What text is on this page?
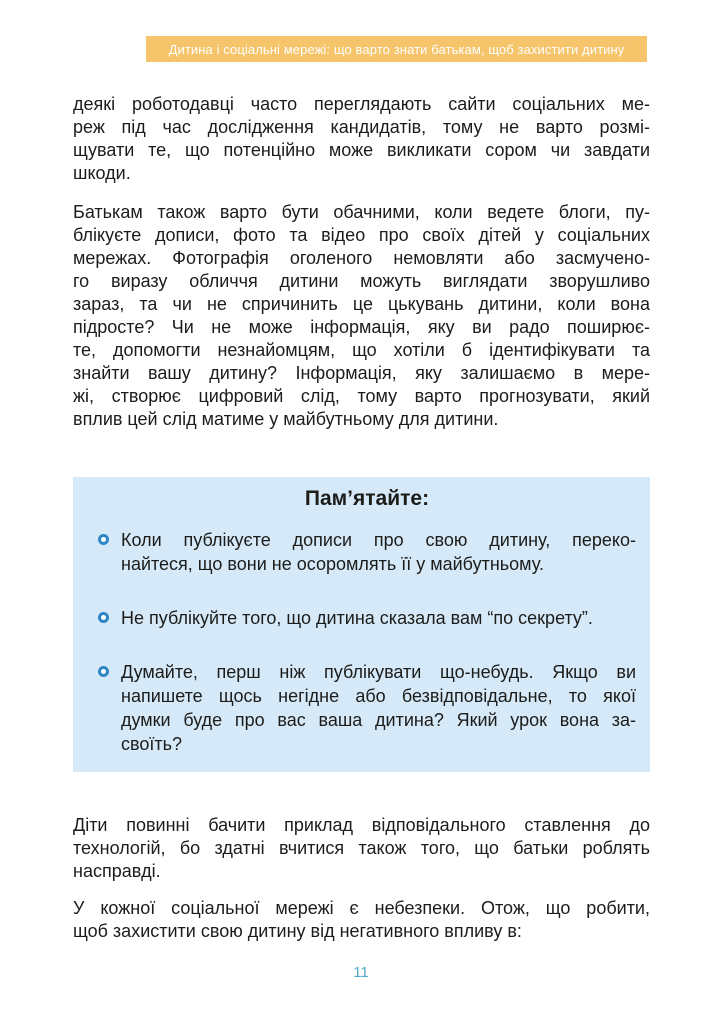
Дитина і соціальні мережі: що варто знати батькам, щоб захистити дитину
деякі роботодавці часто переглядають сайти соціальних ме-
реж під час дослідження кандидатів, тому не варто розмі-
щувати те, що потенційно може викликати сором чи завдати
шкоди.
Батькам також варто бути обачними, коли ведете блоги, пу-
блікуєте дописи, фото та відео про своїх дітей у соціальних
мережах. Фотографія оголеного немовляти або засмучено-
го виразу обличчя дитини можуть виглядати зворушливо
зараз, та чи не спричинить це цькувань дитини, коли вона
підросте? Чи не може інформація, яку ви радо поширює-
те, допомогти незнайомцям, що хотіли б ідентифікувати та
знайти вашу дитину? Інформація, яку залишаємо в мере-
жі, створює цифровий слід, тому варто прогнозувати, який
вплив цей слід матиме у майбутньому для дитини.
Пам’ятайте:
Коли публікуєте дописи про свою дитину, переко-
найтеся, що вони не осоромлять її у майбутньому.
Не публікуйте того, що дитина сказала вам “по секрету”.
Думайте, перш ніж публікувати що-небудь. Якщо ви
напишете щось негідне або безвідповідальне, то якої
думки буде про вас ваша дитина? Який урок вона за-
своїть?
Діти повинні бачити приклад відповідального ставлення до
технологій, бо здатні вчитися також того, що батьки роблять
насправді.
У кожної соціальної мережі є небезпеки. Отож, що робити,
щоб захистити свою дитину від негативного впливу в:
11
